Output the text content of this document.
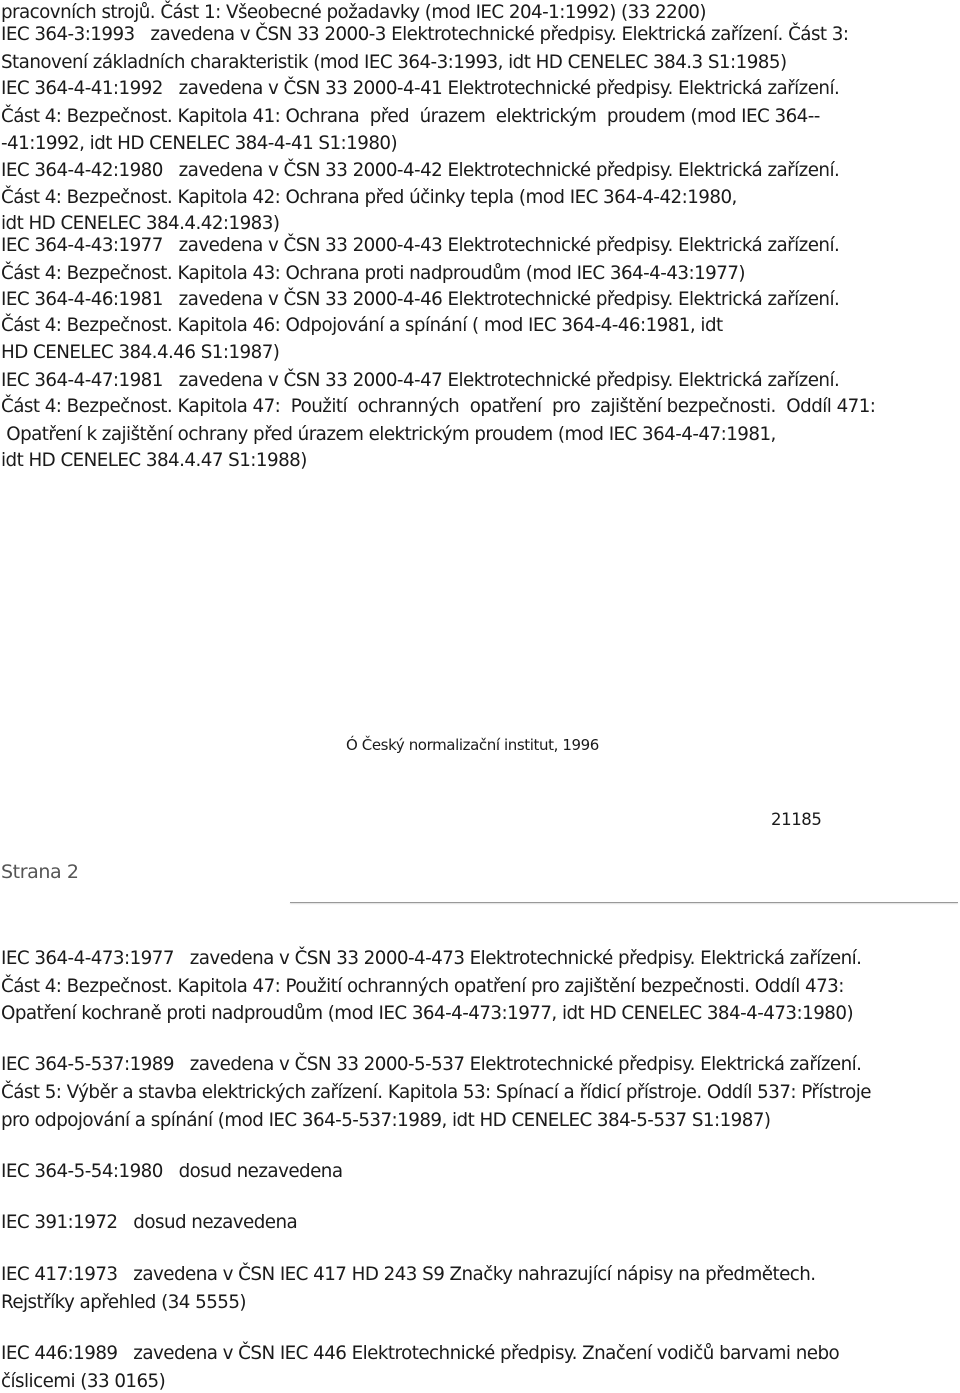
pracovních strojů. Část 1: Všeobecné požadavky (mod IEC 204-1:1992) (33 2200)
IEC 364-3:1993   zavedena v ČSN 33 2000-3 Elektrotechnické předpisy. Elektrická zařízení. Část 3:
Stanovení základních charakteristik (mod IEC 364-3:1993, idt HD CENELEC 384.3 S1:1985)
IEC 364-4-41:1992   zavedena v ČSN 33 2000-4-41 Elektrotechnické předpisy. Elektrická zařízení.
Část 4: Bezpečnost. Kapitola 41: Ochrana  před  úrazem  elektrickým  proudem (mod IEC 364--
-41:1992, idt HD CENELEC 384-4-41 S1:1980)
IEC 364-4-42:1980   zavedena v ČSN 33 2000-4-42 Elektrotechnické předpisy. Elektrická zařízení.
Část 4: Bezpečnost. Kapitola 42: Ochrana před účinky tepla (mod IEC 364-4-42:1980,
idt HD CENELEC 384.4.42:1983)
IEC 364-4-43:1977   zavedena v ČSN 33 2000-4-43 Elektrotechnické předpisy. Elektrická zařízení.
Část 4: Bezpečnost. Kapitola 43: Ochrana proti nadproudům (mod IEC 364-4-43:1977)
IEC 364-4-46:1981   zavedena v ČSN 33 2000-4-46 Elektrotechnické předpisy. Elektrická zařízení.
Část 4: Bezpečnost. Kapitola 46: Odpojování a spínání ( mod IEC 364-4-46:1981, idt
HD CENELEC 384.4.46 S1:1987)
IEC 364-4-47:1981   zavedena v ČSN 33 2000-4-47 Elektrotechnické předpisy. Elektrická zařízení.
Část 4: Bezpečnost. Kapitola 47:  Použití  ochranných  opatření  pro  zajištění bezpečnosti.  Oddíl 471:
Opatření k zajištění ochrany před úrazem elektrickým proudem (mod IEC 364-4-47:1981,
idt HD CENELEC 384.4.47 S1:1988)
Ó Český normalizační institut, 1996
21185
Strana 2
IEC 364-4-473:1977   zavedena v ČSN 33 2000-4-473 Elektrotechnické předpisy. Elektrická zařízení.
Část 4: Bezpečnost. Kapitola 47: Použití ochranných opatření pro zajištění bezpečnosti. Oddíl 473:
Opatření kochraně proti nadproudům (mod IEC 364-4-473:1977, idt HD CENELEC 384-4-473:1980)
IEC 364-5-537:1989   zavedena v ČSN 33 2000-5-537 Elektrotechnické předpisy. Elektrická zařízení.
Část 5: Výběr a stavba elektrických zařízení. Kapitola 53: Spínací a řídicí přístroje. Oddíl 537: Přístroje
pro odpojování a spínání (mod IEC 364-5-537:1989, idt HD CENELEC 384-5-537 S1:1987)
IEC 364-5-54:1980   dosud nezavedena
IEC 391:1972   dosud nezavedena
IEC 417:1973   zavedena v ČSN IEC 417 HD 243 S9 Značky nahrazující nápisy na předmětech.
Rejstříky apřehled (34 5555)
IEC 446:1989   zavedena v ČSN IEC 446 Elektrotechnické předpisy. Značení vodičů barvami nebo
číslicemi (33 0165)
